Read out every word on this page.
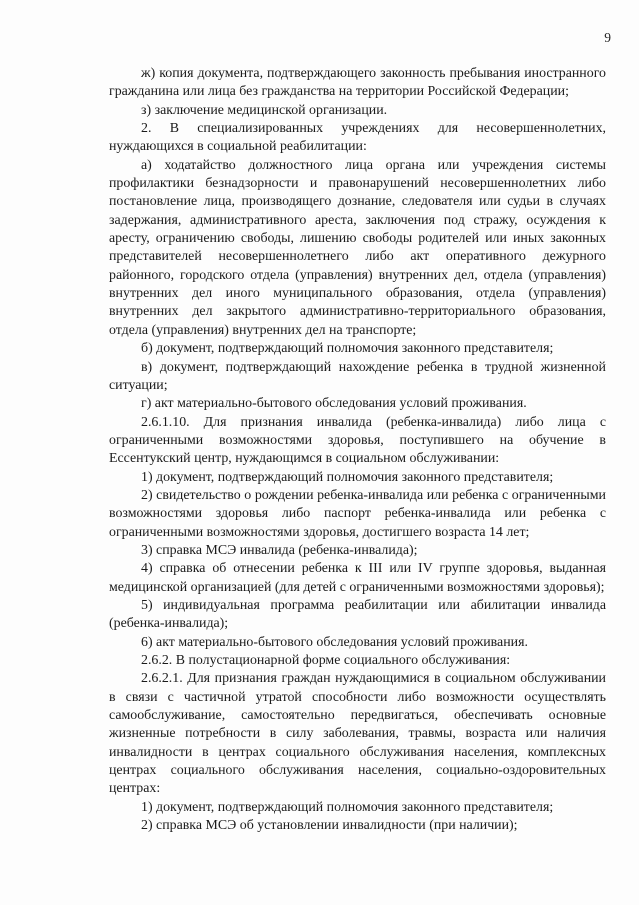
9

ж) копия документа, подтверждающего законность пребывания иностранного гражданина или лица без гражданства на территории Российской Федерации;

з) заключение медицинской организации.

2. В специализированных учреждениях для несовершеннолетних, нуждающихся в социальной реабилитации:

а) ходатайство должностного лица органа или учреждения системы профилактики безнадзорности и правонарушений несовершеннолетних либо постановление лица, производящего дознание, следователя или судьи в случаях задержания, административного ареста, заключения под стражу, осуждения к аресту, ограничению свободы, лишению свободы родителей или иных законных представителей несовершеннолетнего либо акт оперативного дежурного районного, городского отдела (управления) внутренних дел, отдела (управления) внутренних дел иного муниципального образования, отдела (управления) внутренних дел закрытого административно-территориального образования, отдела (управления) внутренних дел на транспорте;

б) документ, подтверждающий полномочия законного представителя;

в) документ, подтверждающий нахождение ребенка в трудной жизненной ситуации;

г) акт материально-бытового обследования условий проживания.

2.6.1.10. Для признания инвалида (ребенка-инвалида) либо лица с ограниченными возможностями здоровья, поступившего на обучение в Ессентукский центр, нуждающимся в социальном обслуживании:

1) документ, подтверждающий полномочия законного представителя;

2) свидетельство о рождении ребенка-инвалида или ребенка с ограниченными возможностями здоровья либо паспорт ребенка-инвалида или ребенка с ограниченными возможностями здоровья, достигшего возраста 14 лет;

3) справка МСЭ инвалида (ребенка-инвалида);

4) справка об отнесении ребенка к III или IV группе здоровья, выданная медицинской организацией (для детей с ограниченными возможностями здоровья);

5) индивидуальная программа реабилитации или абилитации инвалида (ребенка-инвалида);

6) акт материально-бытового обследования условий проживания.

2.6.2. В полустационарной форме социального обслуживания:

2.6.2.1. Для признания граждан нуждающимися в социальном обслуживании в связи с частичной утратой способности либо возможности осуществлять самообслуживание, самостоятельно передвигаться, обеспечивать основные жизненные потребности в силу заболевания, травмы, возраста или наличия инвалидности в центрах социального обслуживания населения, комплексных центрах социального обслуживания населения, социально-оздоровительных центрах:

1) документ, подтверждающий полномочия законного представителя;

2) справка МСЭ об установлении инвалидности (при наличии);
